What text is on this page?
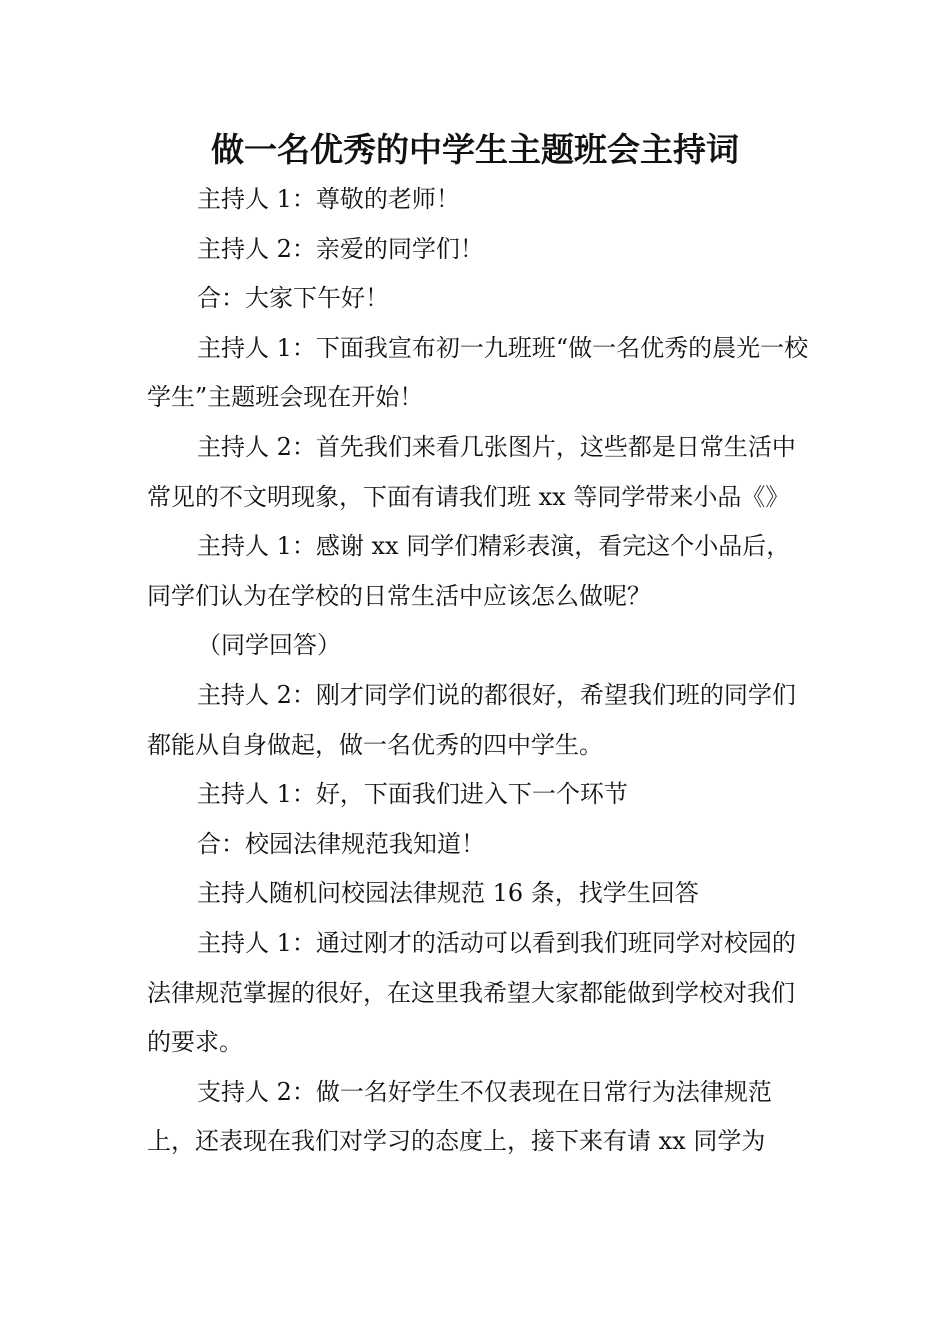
做一名优秀的中学生主题班会主持词

主持人 1：尊敬的老师！

主持人 2：亲爱的同学们！

合：大家下午好！

主持人 1：下面我宣布初一九班班“做一名优秀的晨光一校学生”主题班会现在开始！

主持人 2：首先我们来看几张图片，这些都是日常生活中常见的不文明现象，下面有请我们班 xx 等同学带来小品《》

主持人 1：感谢 xx 同学们精彩表演，看完这个小品后，同学们认为在学校的日常生活中应该怎么做呢？

（同学回答）

主持人 2：刚才同学们说的都很好，希望我们班的同学们都能从自身做起，做一名优秀的四中学生。

主持人 1：好，下面我们进入下一个环节

合：校园法律规范我知道！

主持人随机问校园法律规范 16 条，找学生回答

主持人 1：通过刚才的活动可以看到我们班同学对校园的法律规范掌握的很好，在这里我希望大家都能做到学校对我们的要求。

支持人 2：做一名好学生不仅表现在日常行为法律规范上，还表现在我们对学习的态度上，接下来有请 xx 同学为
